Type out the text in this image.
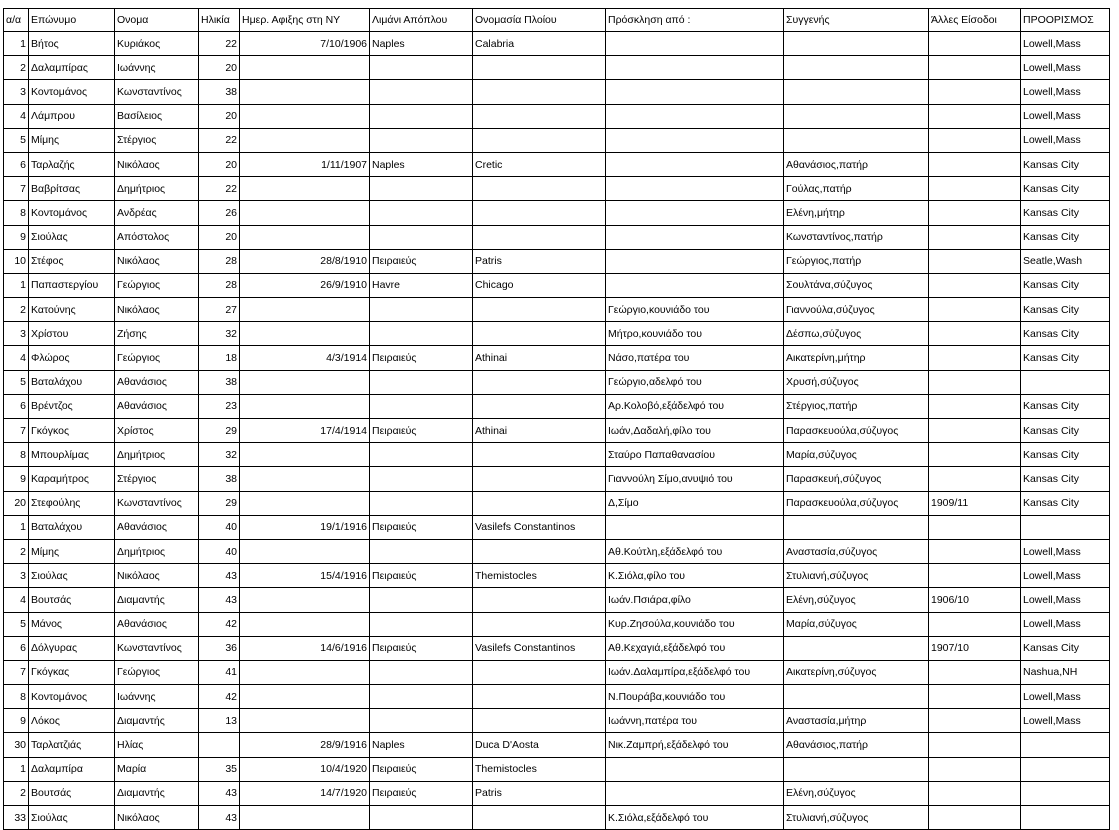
α/α	Επώνυμο	Ονομα	Ηλικία	Ημερ. Αφιξης στη ΝΥ	Λιμάνι Απόπλου	Ονομασία Πλοίου	Πρόσκληση από :	Συγγενής	Άλλες Είσοδοι	ΠΡΟΟΡΙΣΜΟΣ
1	Βήτος	Κυριάκος	22	7/10/1906	Naples	Calabria				Lowell,Mass
2	Δαλαμπίρας	Ιωάννης	20							Lowell,Mass
3	Κοντομάνος	Κωνσταντίνος	38							Lowell,Mass
4	Λάμπρου	Βασίλειος	20							Lowell,Mass
5	Μίμης	Στέργιος	22							Lowell,Mass
6	Ταρλαζής	Νικόλαος	20	1/11/1907	Naples	Cretic		Αθανάσιος,πατήρ		Kansas City
7	Βαβρίτσας	Δημήτριος	22					Γούλας,πατήρ		Kansas City
8	Κοντομάνος	Ανδρέας	26					Ελένη,μήτηρ		Kansas City
9	Σιούλας	Απόστολος	20					Κωνσταντίνος,πατήρ		Kansas City
10	Στέφος	Νικόλαος	28	28/8/1910	Πειραιεύς	Patris		Γεώργιος,πατήρ		Seatle,Wash
1	Παπαστεργίου	Γεώργιος	28	26/9/1910	Havre	Chicago		Σουλτάνα,σύζυγος		Kansas City
2	Κατούνης	Νικόλαος	27				Γεώργιο,κουνιάδο του	Γιαννούλα,σύζυγος		Kansas City
3	Χρίστου	Ζήσης	32				Μήτρο,κουνιάδο του	Δέσπω,σύζυγος		Kansas City
4	Φλώρος	Γεώργιος	18	4/3/1914	Πειραιεύς	Athinai	Νάσο,πατέρα του	Αικατερίνη,μήτηρ		Kansas City
5	Βαταλάχου	Αθανάσιος	38				Γεώργιο,αδελφό του	Χρυσή,σύζυγος		
6	Βρέντζος	Αθανάσιος	23				Αρ.Κολοβό,εξάδελφό του	Στέργιος,πατήρ		Kansas City
7	Γκόγκος	Χρίστος	29	17/4/1914	Πειραιεύς	Athinai	Ιωάν,Δαδαλή,φίλο του	Παρασκευούλα,σύζυγος		Kansas City
8	Μπουρλίμας	Δημήτριος	32				Σταύρο Παπαθανασίου	Μαρία,σύζυγος		Kansas City
9	Καραμήτρος	Στέργιος	38				Γιαννούλη Σίμο,ανυψιό του	Παρασκευή,σύζυγος		Kansas City
20	Στεφούλης	Κωνσταντίνος	29				Δ,Σίμο	Παρασκευούλα,σύζυγος	1909/11	Kansas City
1	Βαταλάχου	Αθανάσιος	40	19/1/1916	Πειραιεύς	Vasilefs Constantinos				
2	Μίμης	Δημήτριος	40				Αθ.Κούτλη,εξάδελφό του	Αναστασία,σύζυγος		Lowell,Mass
3	Σιούλας	Νικόλαος	43	15/4/1916	Πειραιεύς	Themistocles	Κ.Σιόλα,φίλο του	Στυλιανή,σύζυγος		Lowell,Mass
4	Βουτσάς	Διαμαντής	43				Ιωάν.Πσιάρα,φίλο	Ελένη,σύζυγος	1906/10	Lowell,Mass
5	Μάνος	Αθανάσιος	42				Κυρ.Ζησούλα,κουνιάδο του	Μαρία,σύζυγος		Lowell,Mass
6	Δόλγυρας	Κωνσταντίνος	36	14/6/1916	Πειραιεύς	Vasilefs Constantinos	Αθ.Κεχαγιά,εξάδελφό του		1907/10	Kansas City
7	Γκόγκας	Γεώργιος	41				Ιωάν.Δαλαμπίρα,εξάδελφό του	Αικατερίνη,σύζυγος		Nashua,NH
8	Κοντομάνος	Ιωάννης	42				Ν.Πουράβα,κουνιάδο του			Lowell,Mass
9	Λόκος	Διαμαντής	13				Ιωάννη,πατέρα του	Αναστασία,μήτηρ		Lowell,Mass
30	Ταρλατζιάς	Ηλίας		28/9/1916	Naples	Duca D'Aosta	Νικ.Ζαμπρή,εξάδελφό του	Αθανάσιος,πατήρ		
1	Δαλαμπίρα	Μαρία	35	10/4/1920	Πειραιεύς	Themistocles				
2	Βουτσάς	Διαμαντής	43	14/7/1920	Πειραιεύς	Patris		Ελένη,σύζυγος		
33	Σιούλας	Νικόλαος	43				Κ.Σιόλα,εξάδελφό του	Στυλιανή,σύζυγος		
